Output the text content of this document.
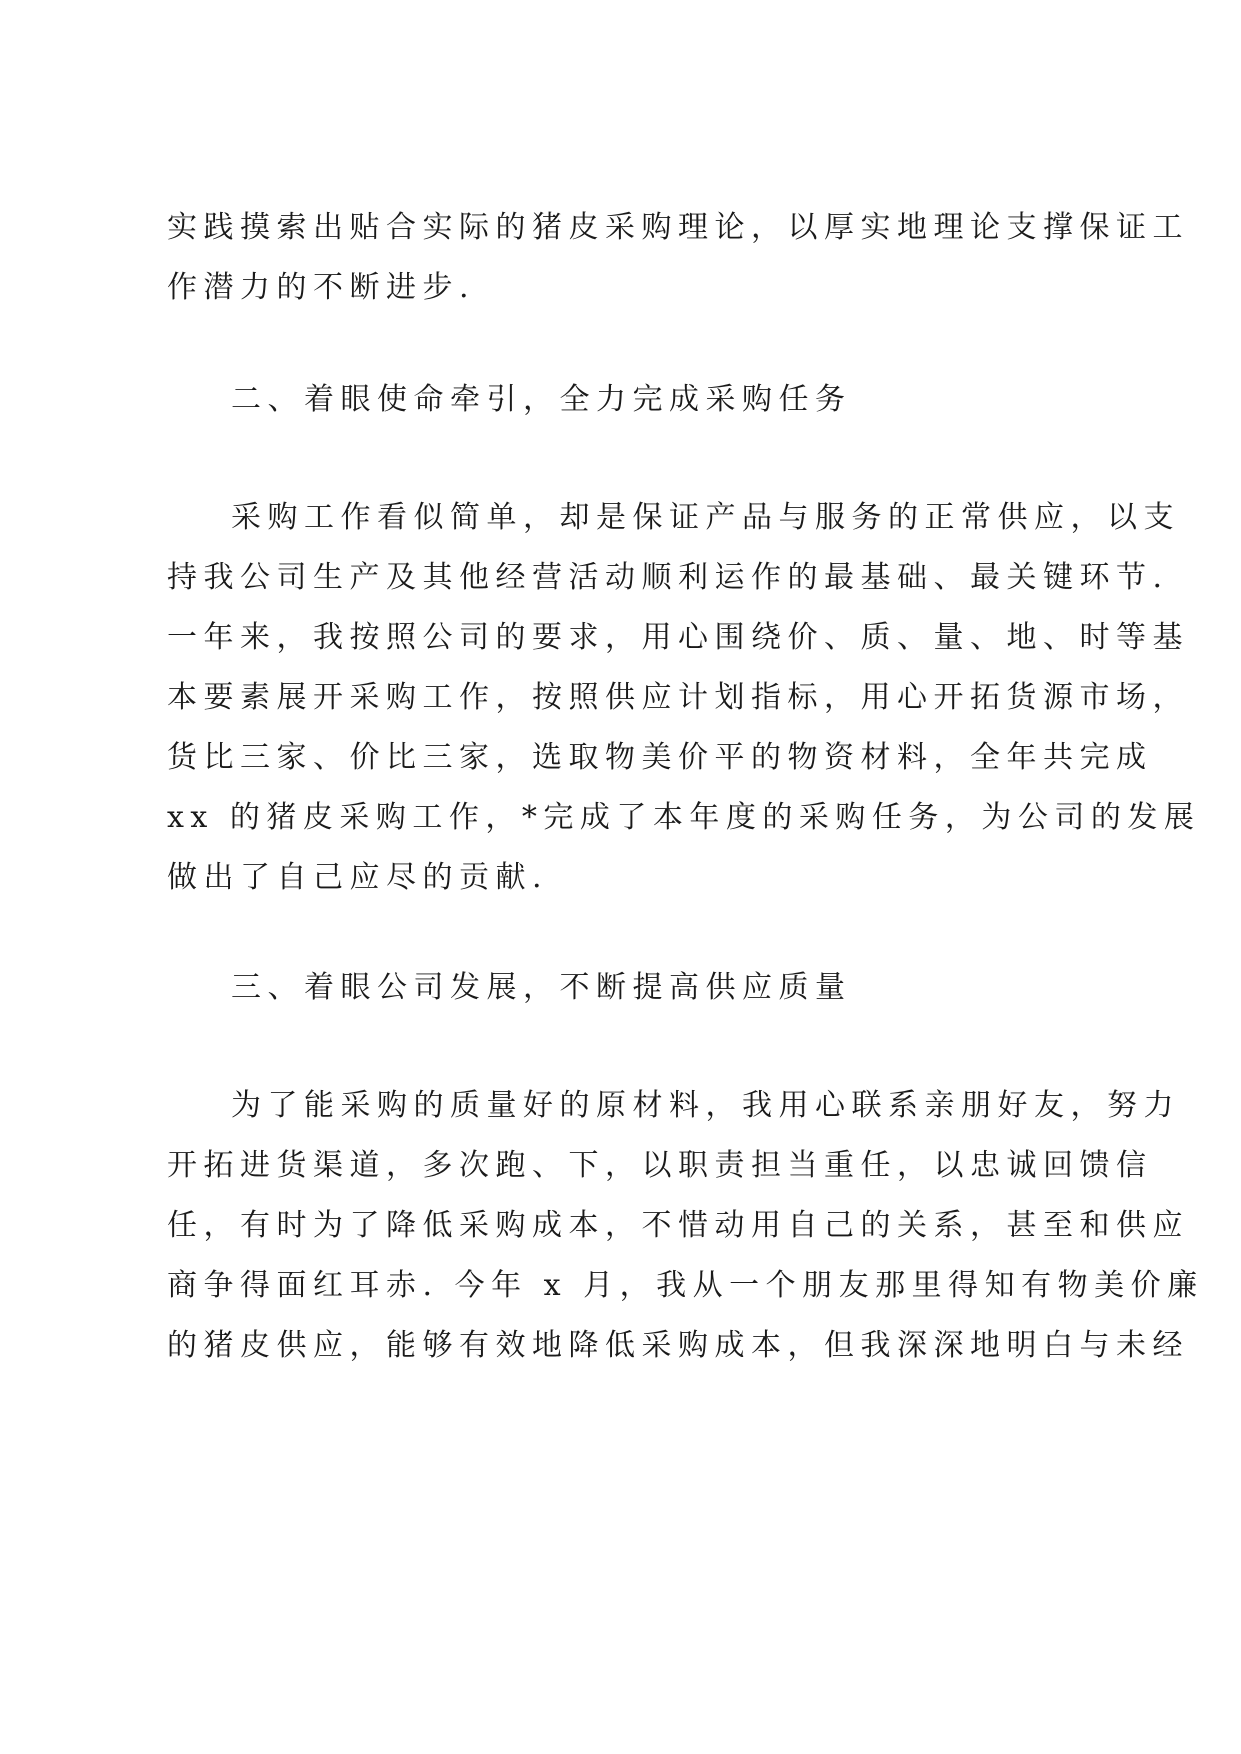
实践摸索出贴合实际的猪皮采购理论，以厚实地理论支撑保证工
作潜力的不断进步.
二、着眼使命牵引，全力完成采购任务
采购工作看似简单，却是保证产品与服务的正常供应，以支
持我公司生产及其他经营活动顺利运作的最基础、最关键环节.
一年来，我按照公司的要求，用心围绕价、质、量、地、时等基
本要素展开采购工作，按照供应计划指标，用心开拓货源市场，
货比三家、价比三家，选取物美价平的物资材料，全年共完成
xx 的猪皮采购工作，*完成了本年度的采购任务，为公司的发展
做出了自己应尽的贡献.
三、着眼公司发展，不断提高供应质量
为了能采购的质量好的原材料，我用心联系亲朋好友，努力
开拓进货渠道，多次跑、下，以职责担当重任，以忠诚回馈信
任，有时为了降低采购成本，不惜动用自己的关系，甚至和供应
商争得面红耳赤. 今年 x 月，我从一个朋友那里得知有物美价廉
的猪皮供应，能够有效地降低采购成本，但我深深地明白与未经
